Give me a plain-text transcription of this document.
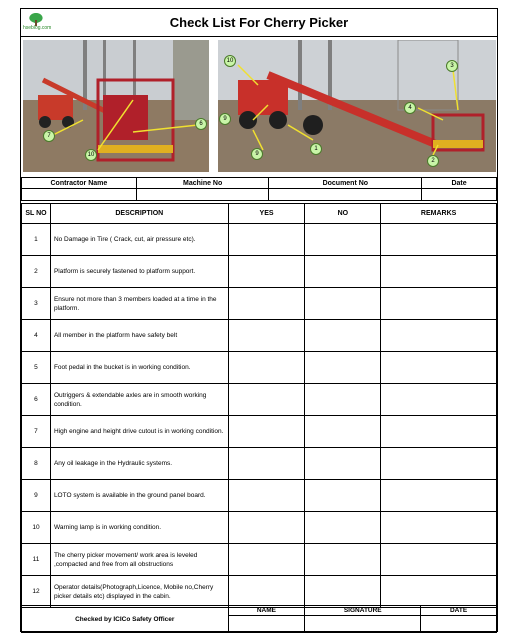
hseblog.com	Check List For Cherry Picker
7
10
6
10
9
9
1
3
4
2
Contractor Name	Machine No	Document No	Date

SL NO	DESCRIPTION	YES	NO	REMARKS
1	No Damage in Tire ( Crack, cut, air pressure etc).			
2	Platform is securely fastened to platform support.			
3	Ensure not more than 3 members loaded at a time in the platform.			
4	All member in the platform have safety belt			
5	Foot pedal in the bucket is in working condition.			
6	Outriggers & extendable axles are in smooth working condition.			
7	High engine and height drive cutout is in working condition.			
8	Any oil leakage in the Hydraulic systems.			
9	LOTO system is available in the ground panel board.			
10	Warning lamp is in working condition.			
11	The cherry picker movement/ work area is leveled ,compacted and free from all obstructions			
12	Operator details(Photograph,Licence, Mobile no,Cherry picker details etc) displayed in the cabin.			
Checked by ICICo Safety Officer	NAME	SIGNATURE	DATE
